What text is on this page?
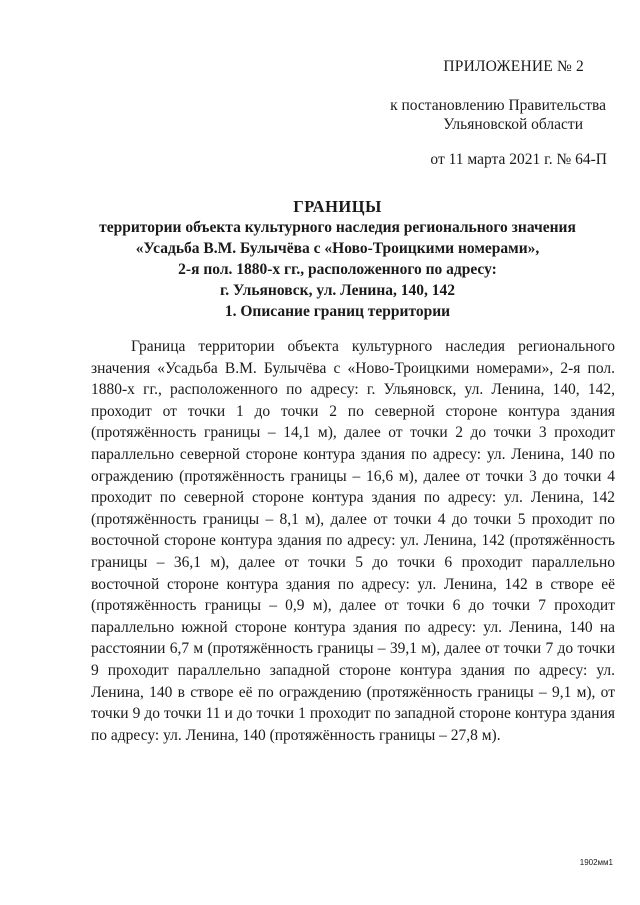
ПРИЛОЖЕНИЕ № 2
к постановлению Правительства
Ульяновской области
от 11 марта 2021 г. № 64-П
ГРАНИЦЫ
территории объекта культурного наследия регионального значения
«Усадьба В.М. Булычёва с «Ново-Троицкими номерами»,
2-я пол. 1880-х гг., расположенного по адресу:
г. Ульяновск, ул. Ленина, 140, 142
1. Описание границ территории

Граница территории объекта культурного наследия регионального значения «Усадьба В.М. Булычёва с «Ново-Троицкими номерами», 2-я пол. 1880-х гг., расположенного по адресу: г. Ульяновск, ул. Ленина, 140, 142, проходит от точки 1 до точки 2 по северной стороне контура здания (протяжённость границы – 14,1 м), далее от точки 2 до точки 3 проходит параллельно северной стороне контура здания по адресу: ул. Ленина, 140 по ограждению (протяжённость границы – 16,6 м), далее от точки 3 до точки 4 проходит по северной стороне контура здания по адресу: ул. Ленина, 142 (протяжённость границы – 8,1 м), далее от точки 4 до точки 5 проходит по восточной стороне контура здания по адресу: ул. Ленина, 142 (протяжённость границы – 36,1 м), далее от точки 5 до точки 6 проходит параллельно восточной стороне контура здания по адресу: ул. Ленина, 142 в створе её (протяжённость границы – 0,9 м), далее от точки 6 до точки 7 проходит параллельно южной стороне контура здания по адресу: ул. Ленина, 140 на расстоянии 6,7 м (протяжённость границы – 39,1 м), далее от точки 7 до точки 9 проходит параллельно западной стороне контура здания по адресу: ул. Ленина, 140 в створе её по ограждению (протяжённость границы – 9,1 м), от точки 9 до точки 11 и до точки 1 проходит по западной стороне контура здания по адресу: ул. Ленина, 140 (протяжённость границы – 27,8 м).

1902мм1
